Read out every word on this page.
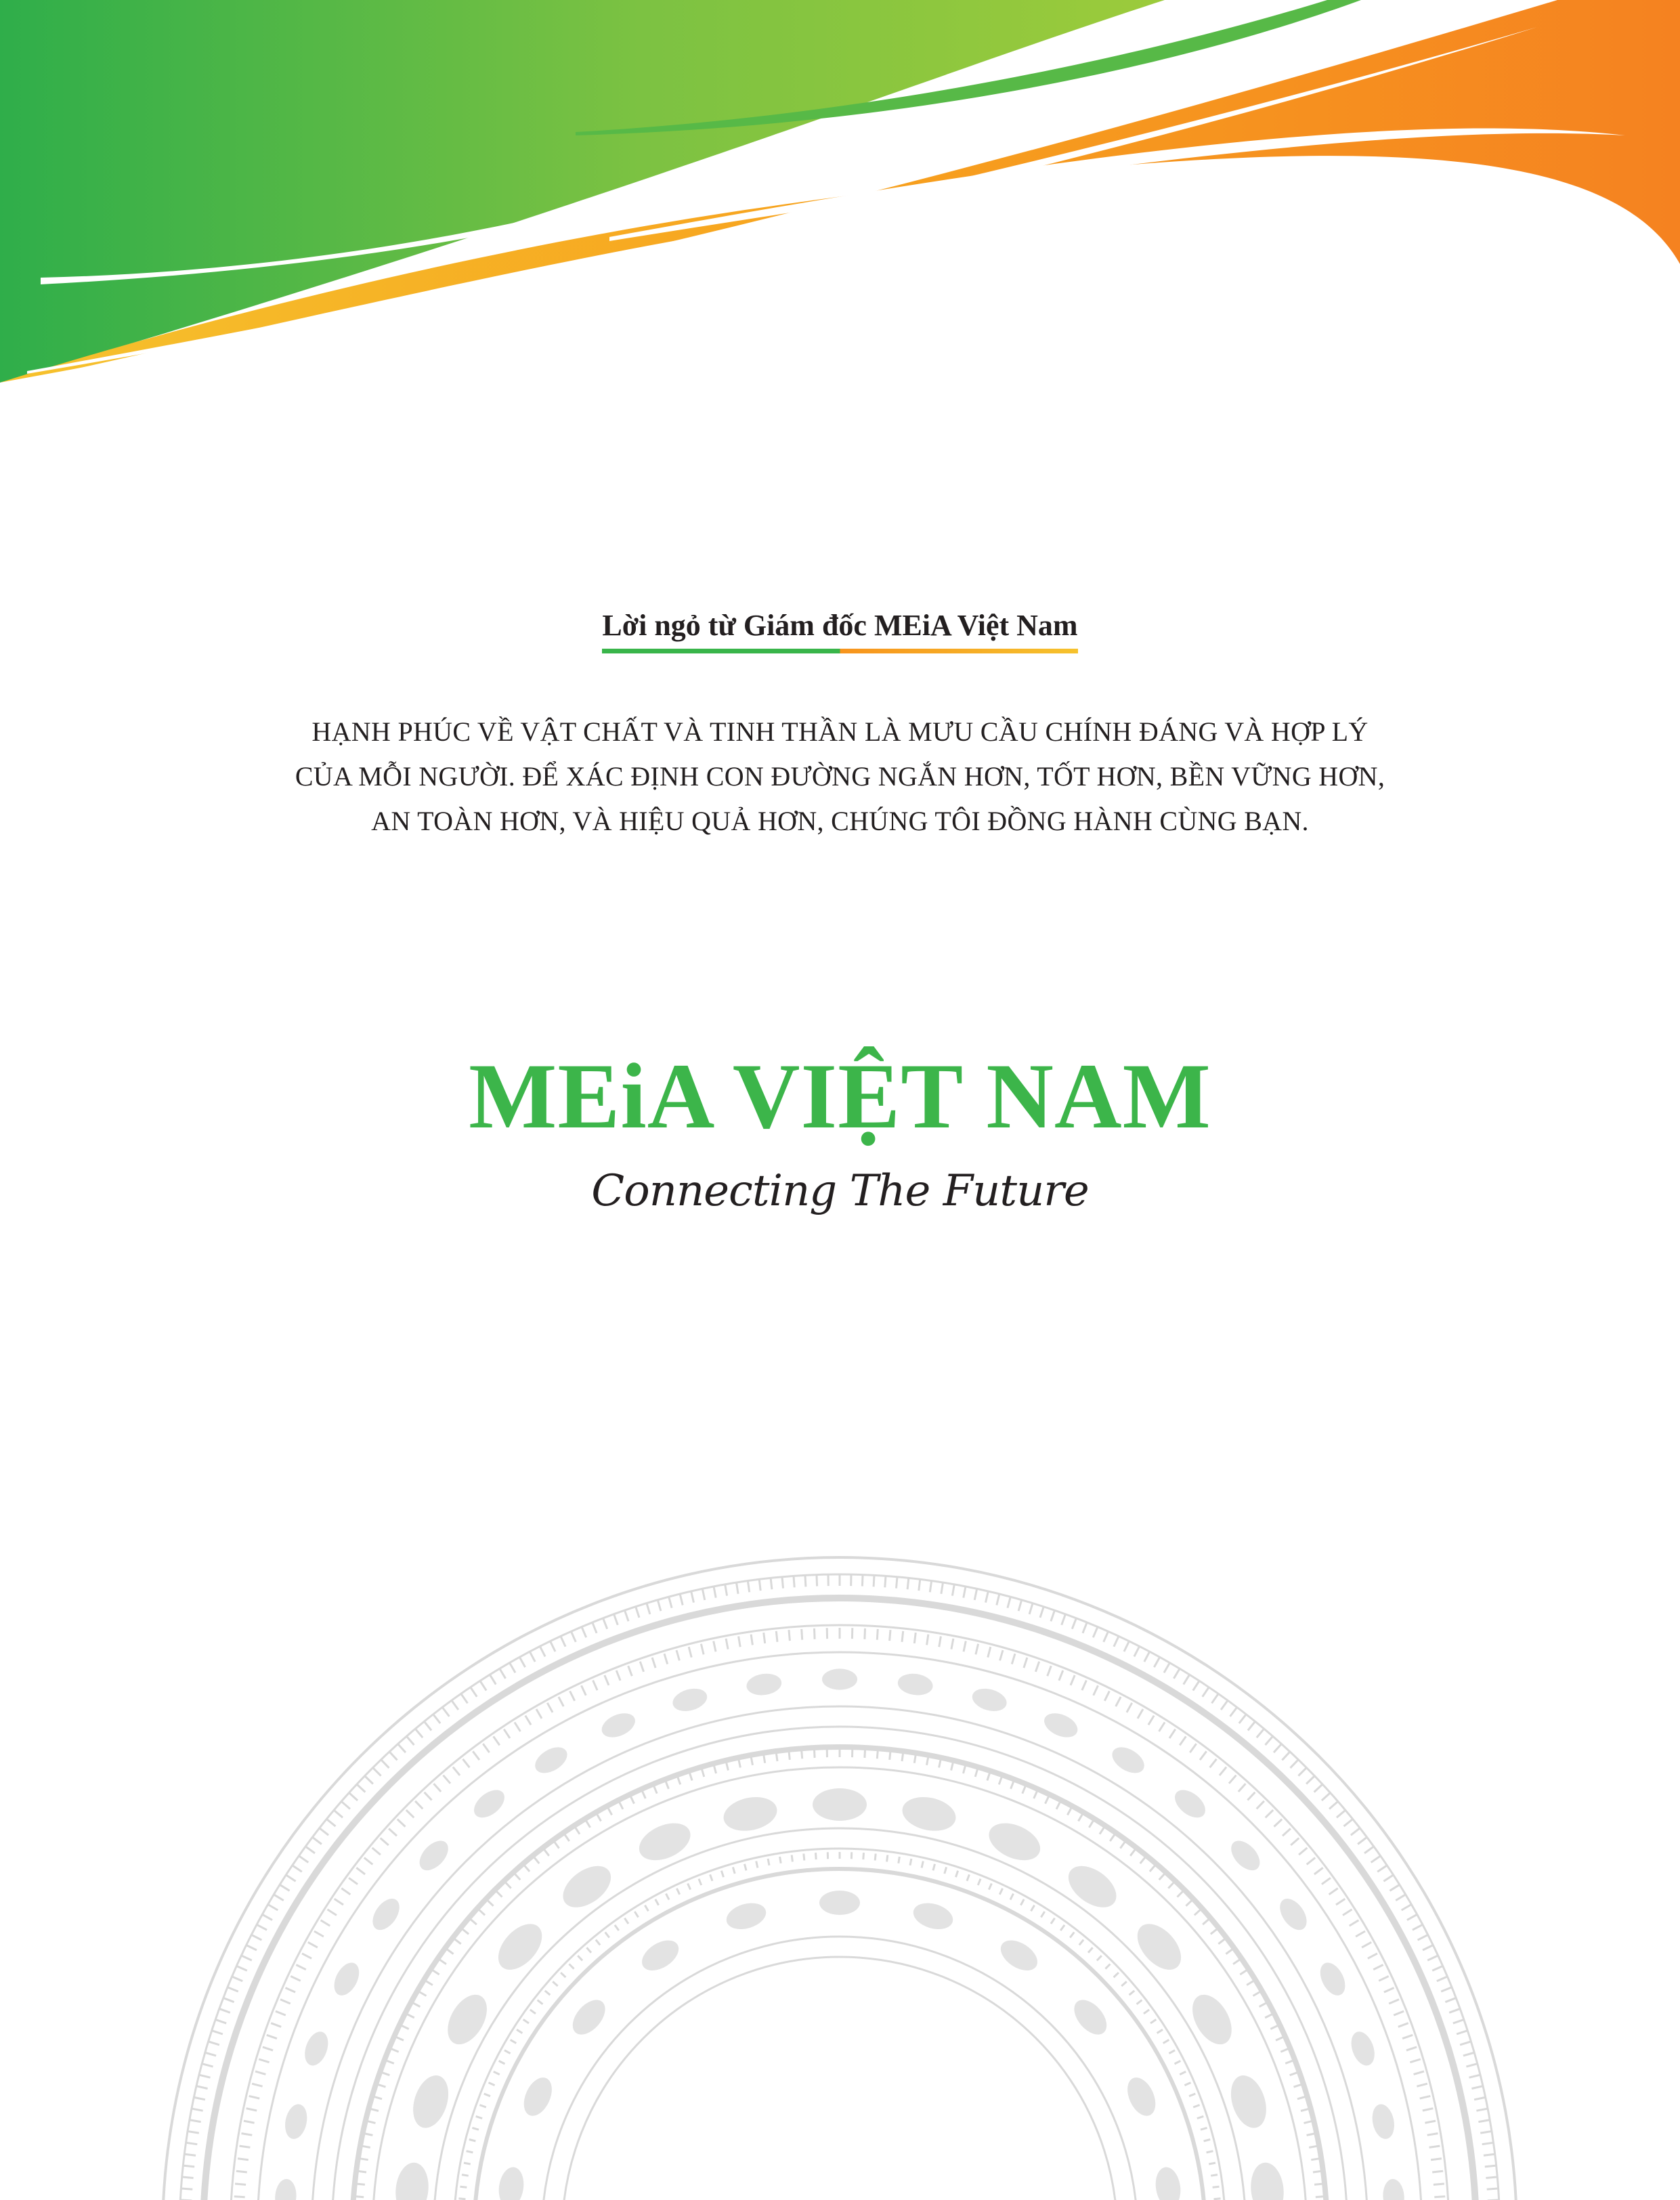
Lời ngỏ từ Giám đốc MEiA Việt Nam
HẠNH PHÚC VỀ VẬT CHẤT VÀ TINH THẦN LÀ MƯU CẦU CHÍNH ĐÁNG VÀ HỢP LÝ
CỦA MỖI NGƯỜI. ĐỂ XÁC ĐỊNH CON ĐƯỜNG NGẮN HƠN, TỐT HƠN, BỀN VỮNG HƠN,
AN TOÀN HƠN, VÀ HIỆU QUẢ HƠN, CHÚNG TÔI ĐỒNG HÀNH CÙNG BẠN.
MEiA VIỆT NAM
Connecting The Future
